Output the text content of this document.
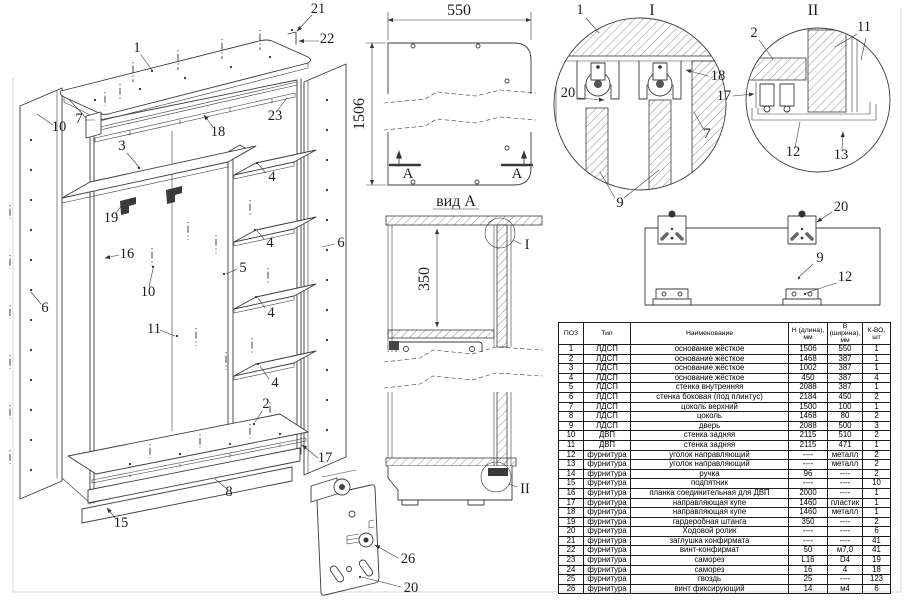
21
22
1
10 7
3
18
23
19
16
10
11
6
5
4
4
4
4
6
2
17
8
15
550
1506
А	А
вид А
350
I
II
I
1
20
18
7
9
II
2	11
17
12 13
20
9
12
26
20
ПОЗ	Тип	Наименование	Н (длина), мм	В (ширина), мм	К-ВО, шт
1	ЛДСП	основание жёсткое	1506	550	1
2	ЛДСП	основание жёсткое	1468	387	1
3	ЛДСП	основание жёсткое	1002	387	1
4	ЛДСП	основание жёсткое	450	387	4
5	ЛДСП	стенка внутренняя	2088	387	1
6	ЛДСП	стенка боковая (под плинтус)	2184	450	2
7	ЛДСП	цоколь верхний	1500	100	1
8	ЛДСП	цоколь	1468	80	2
9	ЛДСП	дверь	2088	500	3
10	ДВП	стенка задняя	2115	510	2
11	ДВП	стенка задняя	2115	471	1
12	фурнитура	уголок направляющий	----	металл	2
13	фурнитура	уголок направляющий	----	металл	2
14	фурнитура	ручка	96	----	2
15	фурнитура	подпятник	----	----	10
16	фурнитура	планка соединительная для ДВП	2000	----	1
17	фурнитура	направляющая купе	1460	пластик	1
18	фурнитура	направляющая купе	1460	металл	1
19	фурнитура	гардеробная штанга	350	----	2
20	фурнитура	Ходовой ролик	----	----	6
21	фурнитура	заглушка конфирмата	----	----	41
22	фурнитура	винт-конфирмат	50	м7,0	41
23	фурнитура	саморез	L16	D4	19
24	фурнитура	саморез	16	4	18
25	фурнитура	гвоздь	25	----	123
26	фурнитура	винт фиксирующий	14	м4	6
